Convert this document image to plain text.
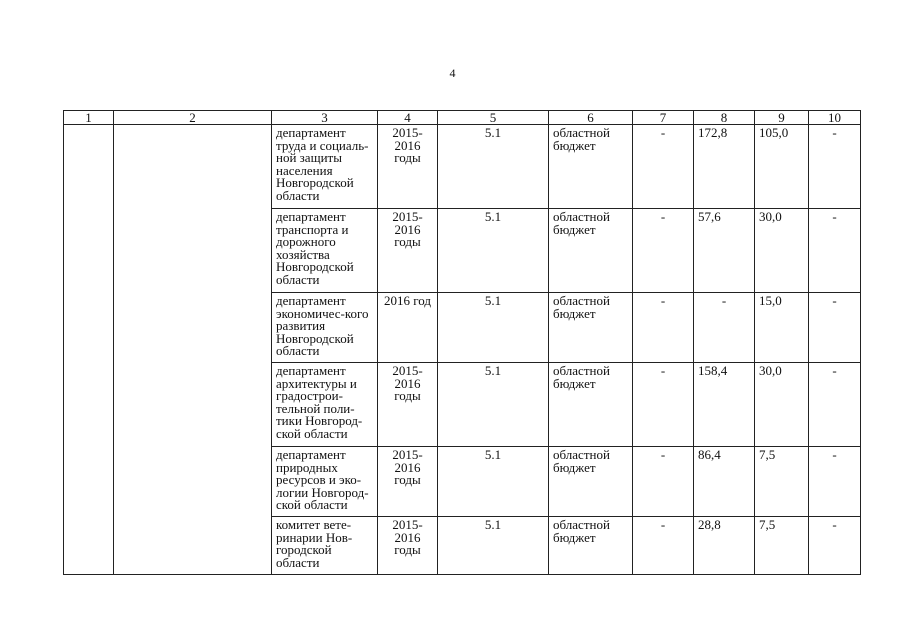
4
1	2	3	4	5	6	7	8	9	10
		департамент труда и социаль-ной защиты населения Новгородской области	2015-2016 годы	5.1	областной бюджет	-	172,8	105,0	-
		департамент транспорта и дорожного хозяйства Новгородской области	2015-2016 годы	5.1	областной бюджет	-	57,6	30,0	-
		департамент экономичес-кого развития Новгородской области	2016 год	5.1	областной бюджет	-	-	15,0	-
		департамент архитектуры и градострои-тельной поли-тики Новгород-ской области	2015-2016 годы	5.1	областной бюджет	-	158,4	30,0	-
		департамент природных ресурсов и эко-логии Новгород-ской области	2015-2016 годы	5.1	областной бюджет	-	86,4	7,5	-
		комитет вете-ринарии Нов-городской области	2015-2016 годы	5.1	областной бюджет	-	28,8	7,5	-
